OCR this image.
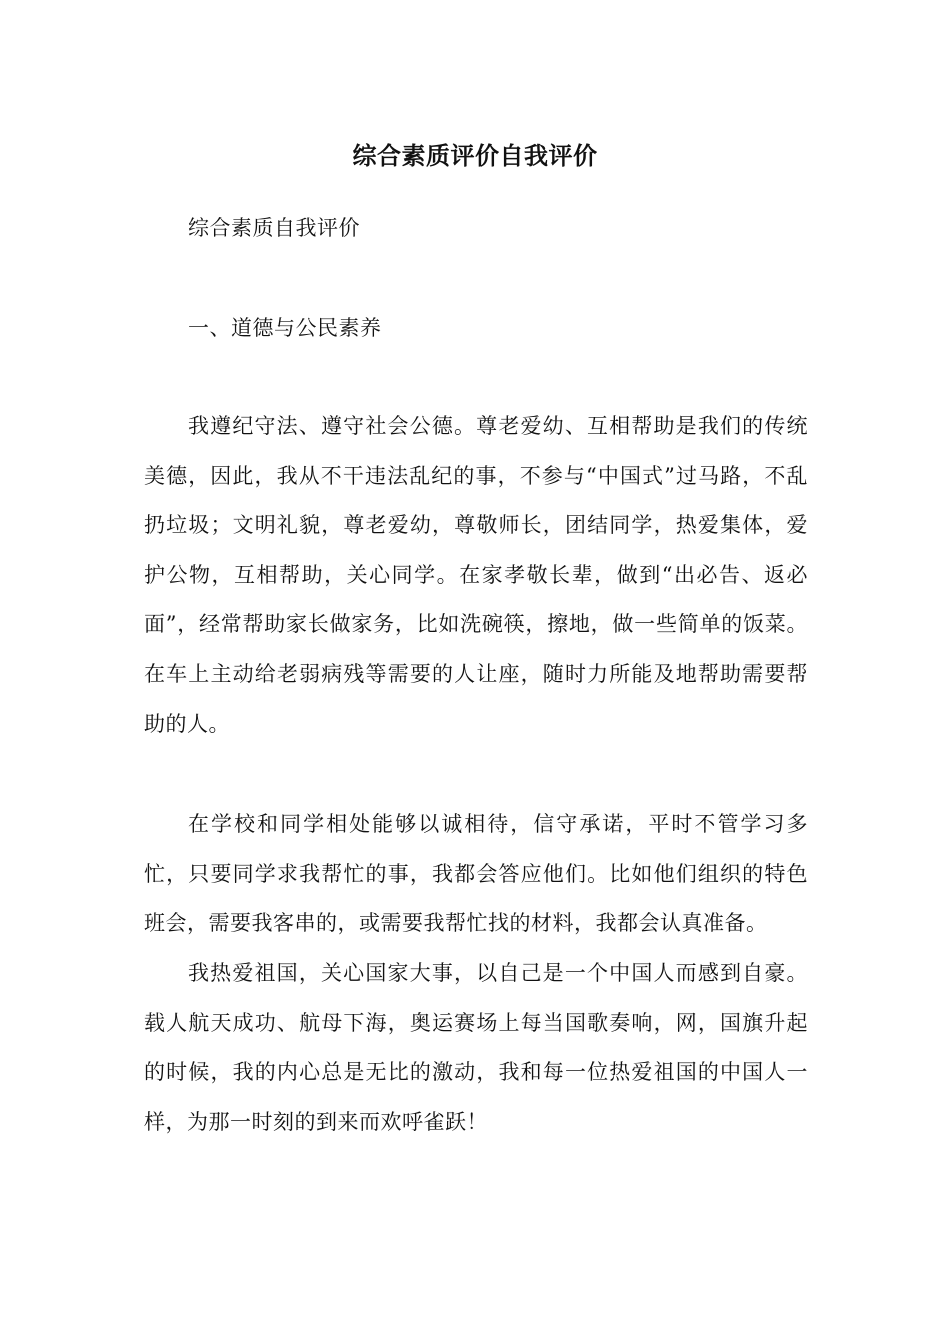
综合素质评价自我评价
综合素质自我评价
一、道德与公民素养

我遵纪守法、遵守社会公德。尊老爱幼、互相帮助是我们的传统美德，因此，我从不干违法乱纪的事，不参与“中国式”过马路，不乱扔垃圾；文明礼貌，尊老爱幼，尊敬师长，团结同学，热爱集体，爱护公物，互相帮助，关心同学。在家孝敬长辈，做到“出必告、返必面”，经常帮助家长做家务，比如洗碗筷，擦地，做一些简单的饭菜。在车上主动给老弱病残等需要的人让座，随时力所能及地帮助需要帮助的人。

在学校和同学相处能够以诚相待，信守承诺，平时不管学习多忙，只要同学求我帮忙的事，我都会答应他们。比如他们组织的特色班会，需要我客串的，或需要我帮忙找的材料，我都会认真准备。

我热爱祖国，关心国家大事，以自己是一个中国人而感到自豪。载人航天成功、航母下海，奥运赛场上每当国歌奏响，网，国旗升起的时候，我的内心总是无比的激动，我和每一位热爱祖国的中国人一样，为那一时刻的到来而欢呼雀跃！
